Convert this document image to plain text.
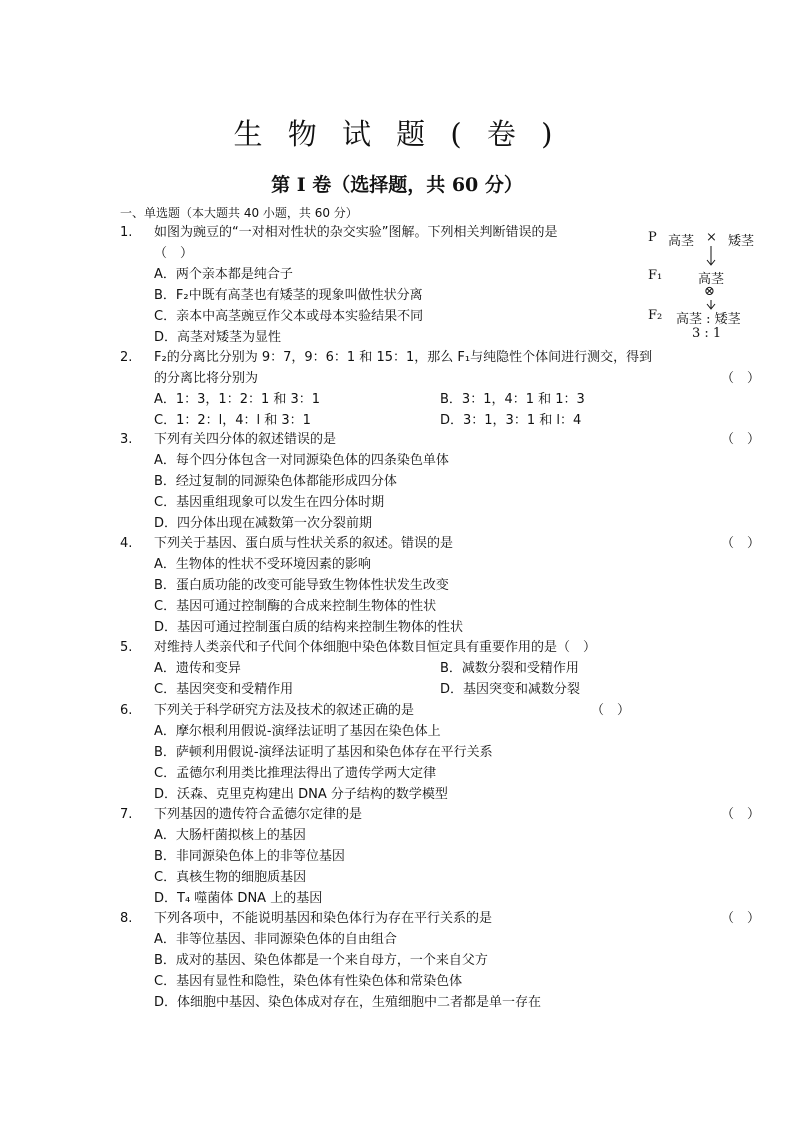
生 物 试 题 ( 卷 )
第 I 卷（选择题，共 60 分）
一、单选题（本大题共 40 小题，共 60 分）
1.	如图为豌豆的“一对相对性状的杂交实验”图解。下列相关判断错误的是
（　）
A．两个亲本都是纯合子
B．F₂中既有高茎也有矮茎的现象叫做性状分离
C．亲本中高茎豌豆作父本或母本实验结果不同
D．高茎对矮茎为显性
P 高茎 × 矮茎
F₁	高茎
⊗
F₂ 高茎 : 矮茎
3 : 1
2.	F₂的分离比分别为 9：7，9：6：1 和 15：1，那么 F₁与纯隐性个体间进行测交，得到
的分离比将分别为	（　）
A．1：3，1：2：1 和 3：1	B．3：1，4：1 和 1：3
C．1：2：l，4：l 和 3：1	D．3：1，3：1 和 l：4
3.	下列有关四分体的叙述错误的是	（　）
A．每个四分体包含一对同源染色体的四条染色单体
B．经过复制的同源染色体都能形成四分体
C．基因重组现象可以发生在四分体时期
D．四分体出现在减数第一次分裂前期
4.	下列关于基因、蛋白质与性状关系的叙述。错误的是	（　）
A．生物体的性状不受环境因素的影响
B．蛋白质功能的改变可能导致生物体性状发生改变
C．基因可通过控制酶的合成来控制生物体的性状
D．基因可通过控制蛋白质的结构来控制生物体的性状
5.	对维持人类亲代和子代间个体细胞中染色体数目恒定具有重要作用的是（　）
A．遗传和变异	B．减数分裂和受精作用
C．基因突变和受精作用	D．基因突变和减数分裂
6.	下列关于科学研究方法及技术的叙述正确的是	（　）
A．摩尔根利用假说-演绎法证明了基因在染色体上
B．萨顿利用假说-演绎法证明了基因和染色体存在平行关系
C．孟德尔利用类比推理法得出了遗传学两大定律
D．沃森、克里克构建出 DNA 分子结构的数学模型
7.	下列基因的遗传符合孟德尔定律的是	（　）
A．大肠杆菌拟核上的基因
B．非同源染色体上的非等位基因
C．真核生物的细胞质基因
D．T₄ 噬菌体 DNA 上的基因
8.	下列各项中，不能说明基因和染色体行为存在平行关系的是	（　）
A．非等位基因、非同源染色体的自由组合
B．成对的基因、染色体都是一个来自母方，一个来自父方
C．基因有显性和隐性，染色体有性染色体和常染色体
D．体细胞中基因、染色体成对存在，生殖细胞中二者都是单一存在
